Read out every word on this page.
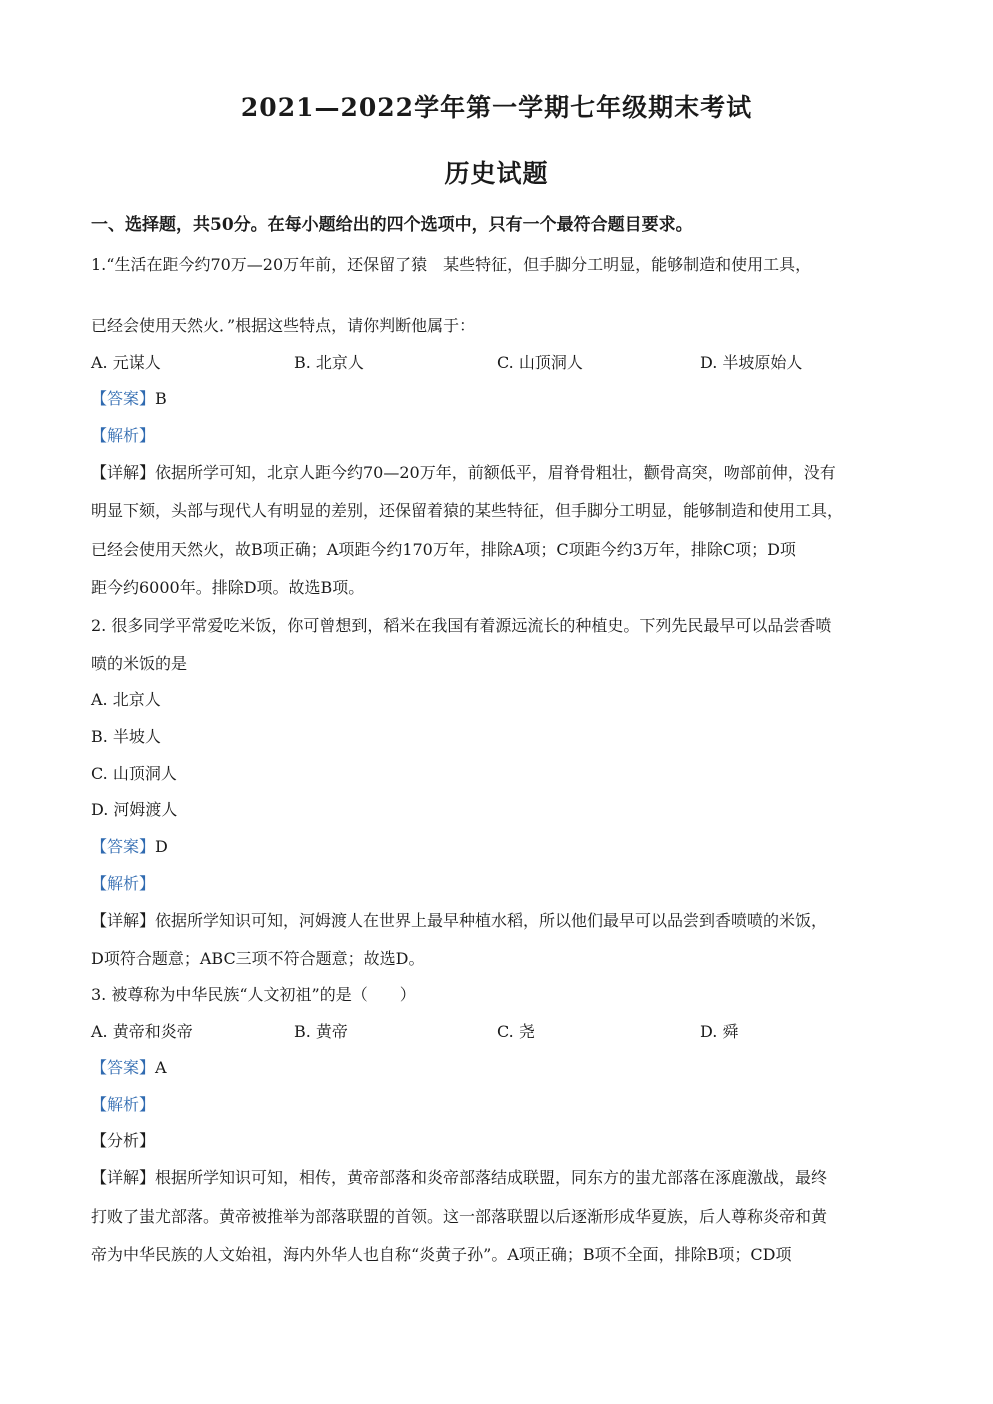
2021—2022学年第一学期七年级期末考试
历史试题
一、选择题，共50分。在每小题给出的四个选项中，只有一个最符合题目要求。
1.“生活在距今约70万—20万年前，还保留了猿　某些特征，但手脚分工明显，能够制造和使用工具，
已经会使用天然火．”根据这些特点，请你判断他属于：
A. 元谋人	B. 北京人	C. 山顶洞人	D. 半坡原始人
【答案】B
【解析】
【详解】依据所学可知，北京人距今约70—20万年，前额低平，眉脊骨粗壮，颧骨高突，吻部前伸，没有
明显下颏，头部与现代人有明显的差别，还保留着猿的某些特征，但手脚分工明显，能够制造和使用工具，
已经会使用天然火，故B项正确；A项距今约170万年，排除A项；C项距今约3万年，排除C项；D项
距今约6000年。排除D项。故选B项。
2. 很多同学平常爱吃米饭，你可曾想到，稻米在我国有着源远流长的种植史。下列先民最早可以品尝香喷
喷的米饭的是
A. 北京人
B. 半坡人
C. 山顶洞人
D. 河姆渡人
【答案】D
【解析】
【详解】依据所学知识可知，河姆渡人在世界上最早种植水稻，所以他们最早可以品尝到香喷喷的米饭，
D项符合题意；ABC三项不符合题意；故选D。
3. 被尊称为中华民族“人文初祖”的是（　　）
A. 黄帝和炎帝	B. 黄帝	C. 尧	D. 舜
【答案】A
【解析】
【分析】
【详解】根据所学知识可知，相传，黄帝部落和炎帝部落结成联盟，同东方的蚩尤部落在涿鹿激战，最终
打败了蚩尤部落。黄帝被推举为部落联盟的首领。这一部落联盟以后逐渐形成华夏族，后人尊称炎帝和黄
帝为中华民族的人文始祖，海内外华人也自称“炎黄子孙”。A项正确；B项不全面，排除B项；CD项
